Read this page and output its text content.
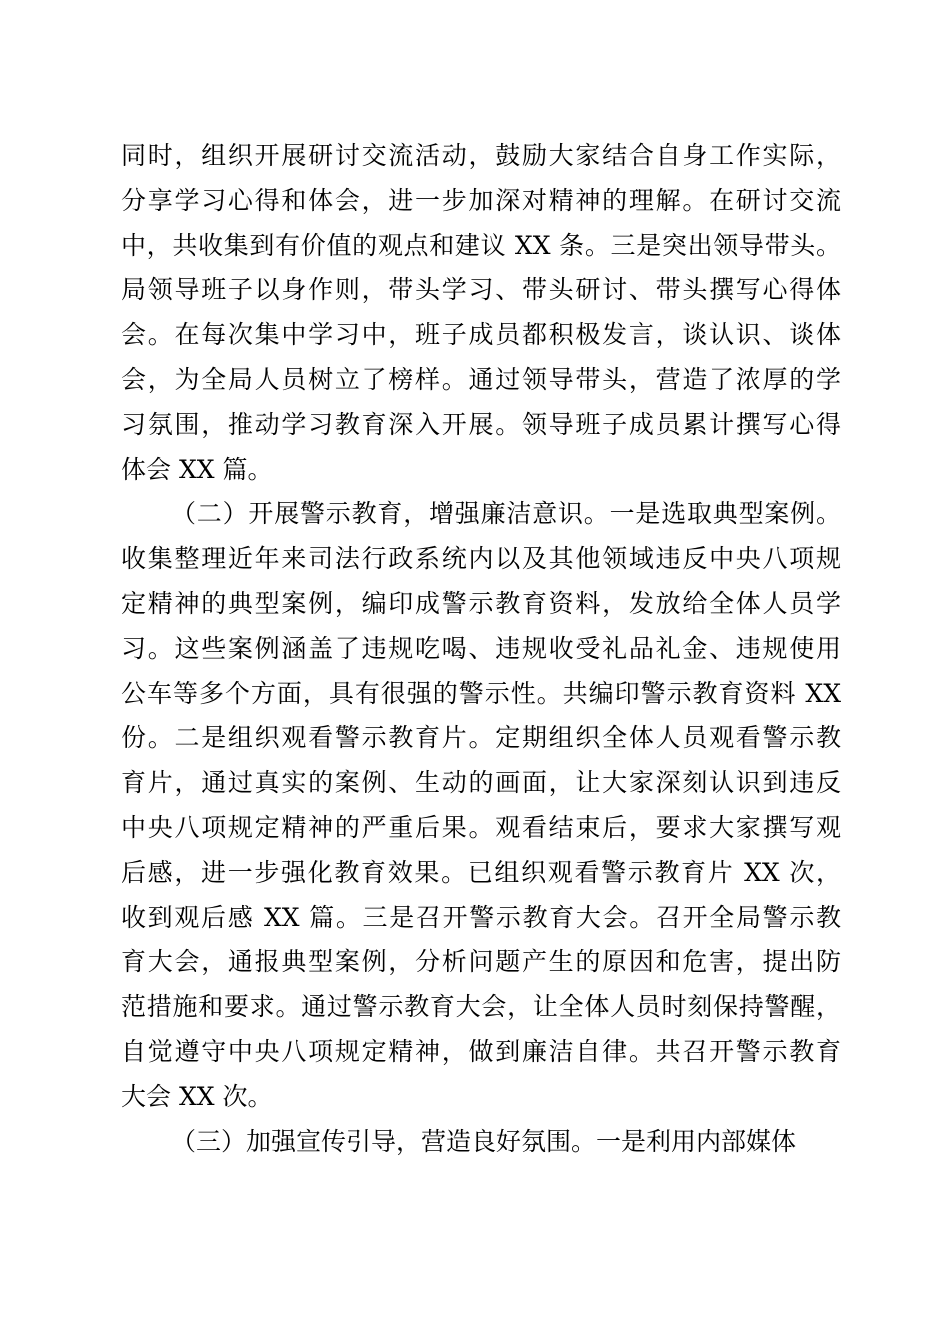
同时，组织开展研讨交流活动，鼓励大家结合自身工作实际，
分享学习心得和体会，进一步加深对精神的理解。在研讨交流
中，共收集到有价值的观点和建议 XX 条。三是突出领导带头。
局领导班子以身作则，带头学习、带头研讨、带头撰写心得体
会。在每次集中学习中，班子成员都积极发言，谈认识、谈体
会，为全局人员树立了榜样。通过领导带头，营造了浓厚的学
习氛围，推动学习教育深入开展。领导班子成员累计撰写心得
体会 XX 篇。
（二）开展警示教育，增强廉洁意识。一是选取典型案例。
收集整理近年来司法行政系统内以及其他领域违反中央八项规
定精神的典型案例，编印成警示教育资料，发放给全体人员学
习。这些案例涵盖了违规吃喝、违规收受礼品礼金、违规使用
公车等多个方面，具有很强的警示性。共编印警示教育资料 XX
份。二是组织观看警示教育片。定期组织全体人员观看警示教
育片，通过真实的案例、生动的画面，让大家深刻认识到违反
中央八项规定精神的严重后果。观看结束后，要求大家撰写观
后感，进一步强化教育效果。已组织观看警示教育片 XX 次，
收到观后感 XX 篇。三是召开警示教育大会。召开全局警示教
育大会，通报典型案例，分析问题产生的原因和危害，提出防
范措施和要求。通过警示教育大会，让全体人员时刻保持警醒，
自觉遵守中央八项规定精神，做到廉洁自律。共召开警示教育
大会 XX 次。
（三）加强宣传引导，营造良好氛围。一是利用内部媒体
